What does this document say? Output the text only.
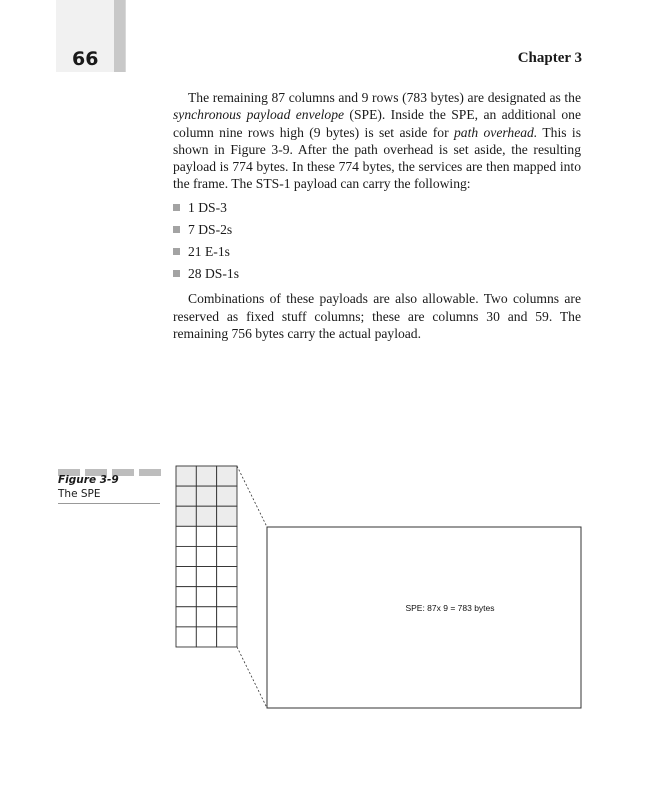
66	Chapter 3

The remaining 87 columns and 9 rows (783 bytes) are designated as the synchronous payload envelope (SPE). Inside the SPE, an additional one column nine rows high (9 bytes) is set aside for path overhead. This is shown in Figure 3-9. After the path overhead is set aside, the resulting payload is 774 bytes. In these 774 bytes, the services are then mapped into the frame. The STS-1 payload can carry the following:

1 DS-3
7 DS-2s
21 E-1s
28 DS-1s

Combinations of these payloads are also allowable. Two columns are reserved as fixed stuff columns; these are columns 30 and 59. The remaining 756 bytes carry the actual payload.

Figure 3-9
The SPE
SPE: 87x 9 = 783 bytes
